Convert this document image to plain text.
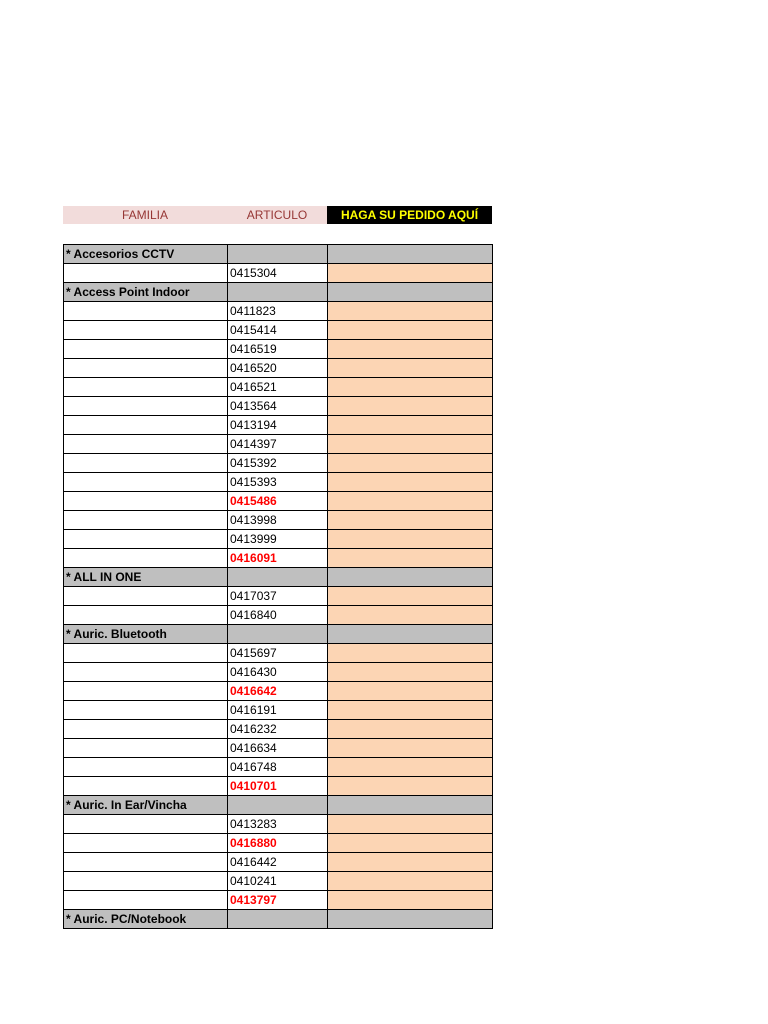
FAMILIA	ARTICULO	HAGA SU PEDIDO AQUÍ
* Accesorios CCTV		
	0415304	
* Access Point Indoor		
	0411823	
	0415414	
	0416519	
	0416520	
	0416521	
	0413564	
	0413194	
	0414397	
	0415392	
	0415393	
	0415486	
	0413998	
	0413999	
	0416091	
* ALL IN ONE		
	0417037	
	0416840	
* Auric. Bluetooth		
	0415697	
	0416430	
	0416642	
	0416191	
	0416232	
	0416634	
	0416748	
	0410701	
* Auric. In Ear/Vincha		
	0413283	
	0416880	
	0416442	
	0410241	
	0413797	
* Auric. PC/Notebook		
